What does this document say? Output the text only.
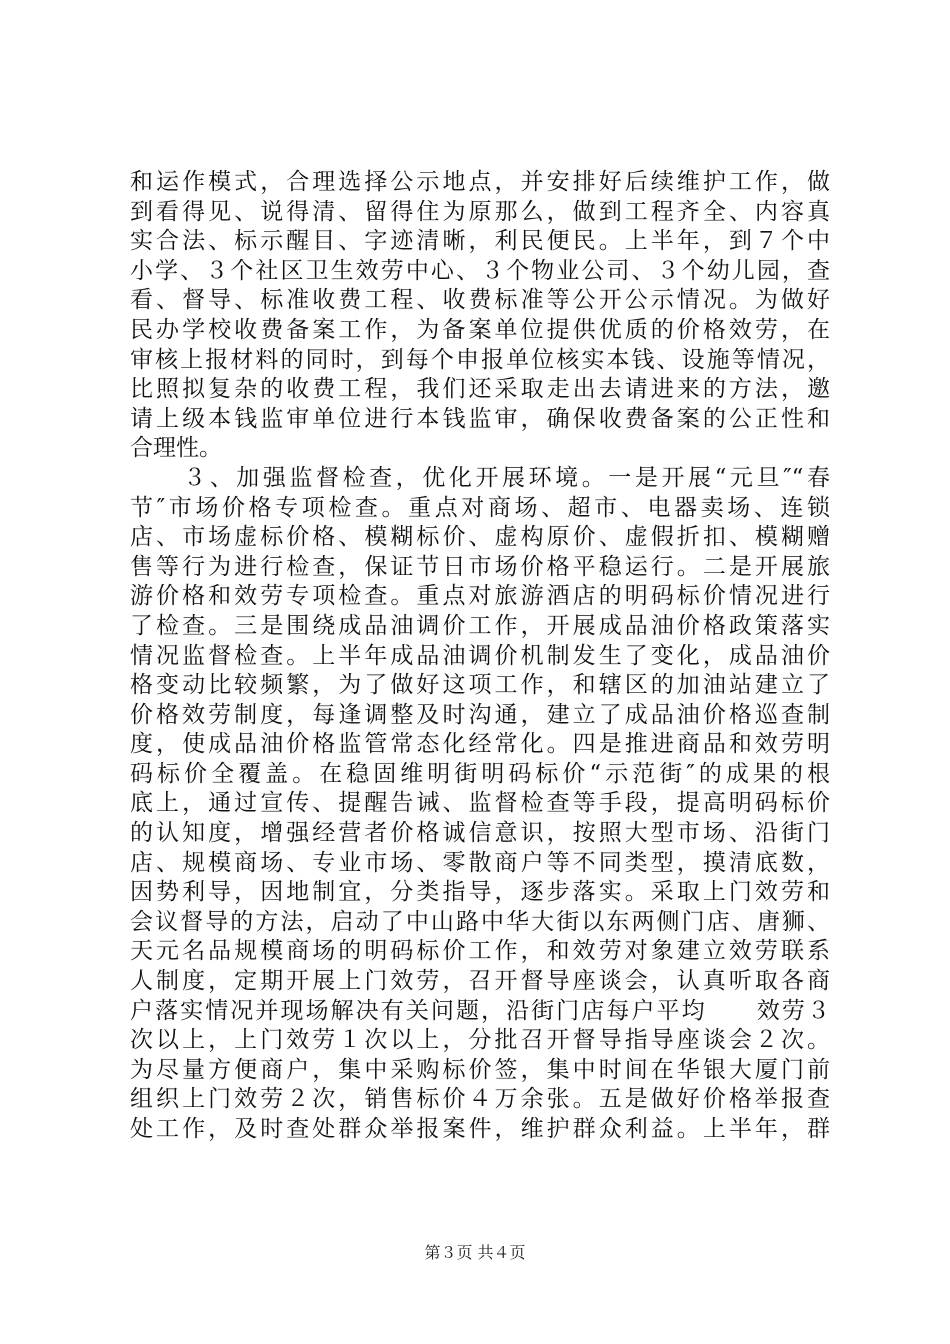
和运作模式，合理选择公示地点，并安排好后续维护工作，做
到看得见、说得清、留得住为原那么，做到工程齐全、内容真
实合法、标示醒目、字迹清晰，利民便民。上半年，到７个中
小学、３个社区卫生效劳中心、３个物业公司、３个幼儿园，查
看、督导、标准收费工程、收费标准等公开公示情况。为做好
民办学校收费备案工作，为备案单位提供优质的价格效劳，在
审核上报材料的同时，到每个申报单位核实本钱、设施等情况，
比照拟复杂的收费工程，我们还采取走出去请进来的方法，邀
请上级本钱监审单位进行本钱监审，确保收费备案的公正性和
合理性。
　　３、加强监督检查，优化开展环境。一是开展“元旦″“春
节″市场价格专项检查。重点对商场、超市、电器卖场、连锁
店、市场虚标价格、模糊标价、虚构原价、虚假折扣、模糊赠
售等行为进行检查，保证节日市场价格平稳运行。二是开展旅
游价格和效劳专项检查。重点对旅游酒店的明码标价情况进行
了检查。三是围绕成品油调价工作，开展成品油价格政策落实
情况监督检查。上半年成品油调价机制发生了变化，成品油价
格变动比较频繁，为了做好这项工作，和辖区的加油站建立了
价格效劳制度，每逢调整及时沟通，建立了成品油价格巡查制
度，使成品油价格监管常态化经常化。四是推进商品和效劳明
码标价全覆盖。在稳固维明街明码标价“示范街″的成果的根
底上，通过宣传、提醒告诫、监督检查等手段，提高明码标价
的认知度，增强经营者价格诚信意识，按照大型市场、沿街门
店、规模商场、专业市场、零散商户等不同类型，摸清底数，
因势利导，因地制宜，分类指导，逐步落实。采取上门效劳和
会议督导的方法，启动了中山路中华大街以东两侧门店、唐狮、
天元名品规模商场的明码标价工作，和效劳对象建立效劳联系
人制度，定期开展上门效劳，召开督导座谈会，认真听取各商
户落实情况并现场解决有关问题，沿街门店每户平均　　效劳３
次以上，上门效劳１次以上，分批召开督导指导座谈会２次。
为尽量方便商户，集中采购标价签，集中时间在华银大厦门前
组织上门效劳２次，销售标价４万余张。五是做好价格举报查
处工作，及时查处群众举报案件，维护群众利益。上半年，群
第３页 共４页
